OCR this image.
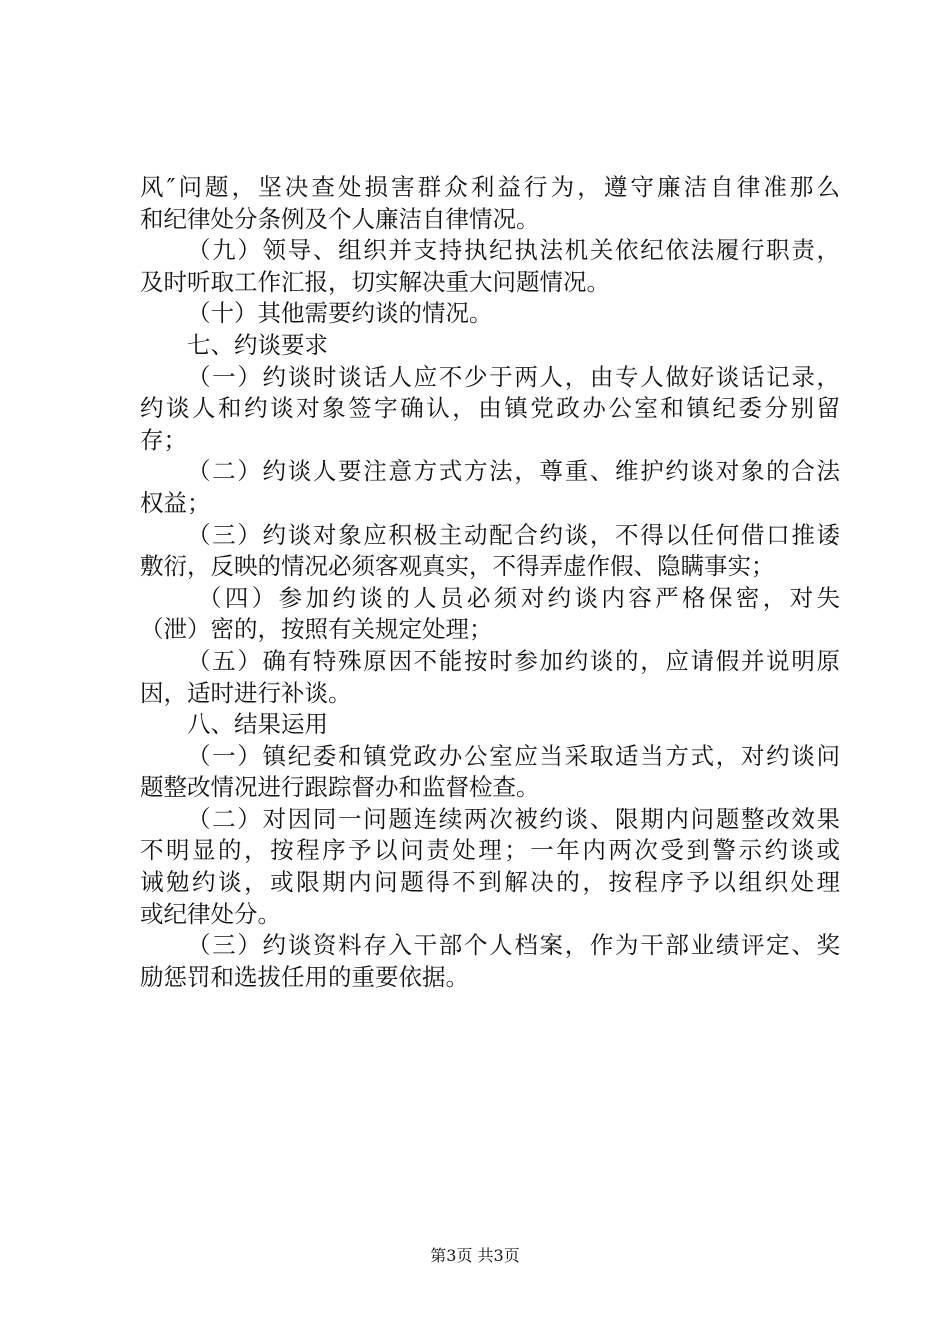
风″问题，坚决查处损害群众利益行为，遵守廉洁自律准那么
和纪律处分条例及个人廉洁自律情况。
（九）领导、组织并支持执纪执法机关依纪依法履行职责，
及时听取工作汇报，切实解决重大问题情况。
（十）其他需要约谈的情况。
七、约谈要求
（一）约谈时谈话人应不少于两人，由专人做好谈话记录，
约谈人和约谈对象签字确认，由镇党政办公室和镇纪委分别留
存；
（二）约谈人要注意方式方法，尊重、维护约谈对象的合法
权益；
（三）约谈对象应积极主动配合约谈，不得以任何借口推诿
敷衍，反映的情况必须客观真实，不得弄虚作假、隐瞒事实；
（四）参加约谈的人员必须对约谈内容严格保密，对失
（泄）密的，按照有关规定处理；
（五）确有特殊原因不能按时参加约谈的，应请假并说明原
因，适时进行补谈。
八、结果运用
（一）镇纪委和镇党政办公室应当采取适当方式，对约谈问
题整改情况进行跟踪督办和监督检查。
（二）对因同一问题连续两次被约谈、限期内问题整改效果
不明显的，按程序予以问责处理；一年内两次受到警示约谈或
诫勉约谈，或限期内问题得不到解决的，按程序予以组织处理
或纪律处分。
（三）约谈资料存入干部个人档案，作为干部业绩评定、奖
励惩罚和选拔任用的重要依据。
第3页 共3页
